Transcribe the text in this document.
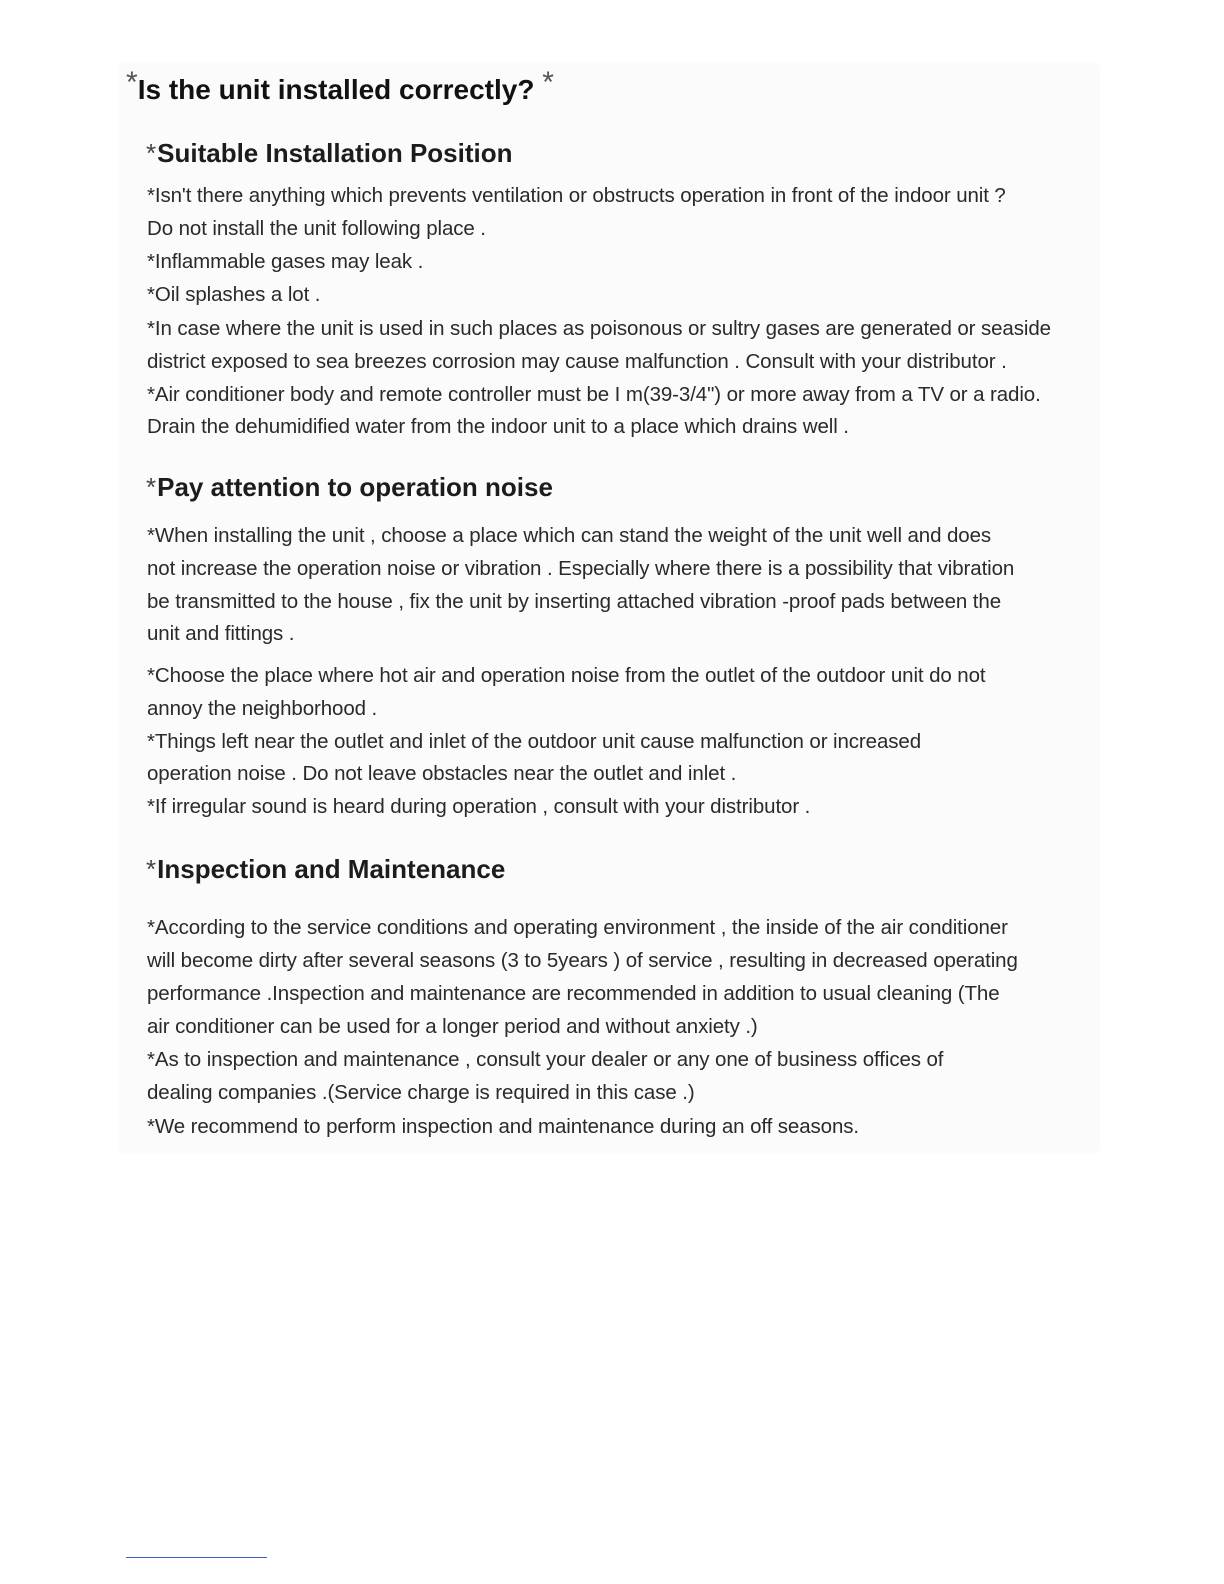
*Is the unit installed correctly? *
*Suitable Installation Position

*Isn't there anything which prevents ventilation or obstructs operation in front of the indoor unit ?

Do not install the unit following place .

*Inflammable gases may leak .

*Oil splashes a lot .

*In case where the unit is used in such places as poisonous or sultry gases are generated or seaside

district exposed to sea breezes corrosion may cause malfunction . Consult with your distributor .

*Air conditioner body and remote controller must be I m(39-3/4") or more away from a TV or a radio.

Drain the dehumidified water from the indoor unit to a place which drains well .

*Pay attention to operation noise

*When installing the unit , choose a place which can stand the weight of the unit well and does

not increase the operation noise or vibration . Especially where there is a possibility that vibration

be transmitted to the house , fix the unit by inserting attached vibration -proof pads between the

unit and fittings .

*Choose the place where hot air and operation noise from the outlet of the outdoor unit do not

annoy the neighborhood .

*Things left near the outlet and inlet of the outdoor unit cause malfunction or increased

operation noise . Do not leave obstacles near the outlet and inlet .

*If irregular sound is heard during operation , consult with your distributor .

*Inspection and Maintenance

*According to the service conditions and operating environment , the inside of the air conditioner

will become dirty after several seasons (3 to 5years ) of service , resulting in decreased operating

performance .Inspection and maintenance are recommended in addition to usual cleaning (The

air conditioner can be used for a longer period and without anxiety .)

*As to inspection and maintenance , consult your dealer or any one of business offices of

dealing companies .(Service charge is required in this case .)

*We recommend to perform inspection and maintenance during an off seasons.
